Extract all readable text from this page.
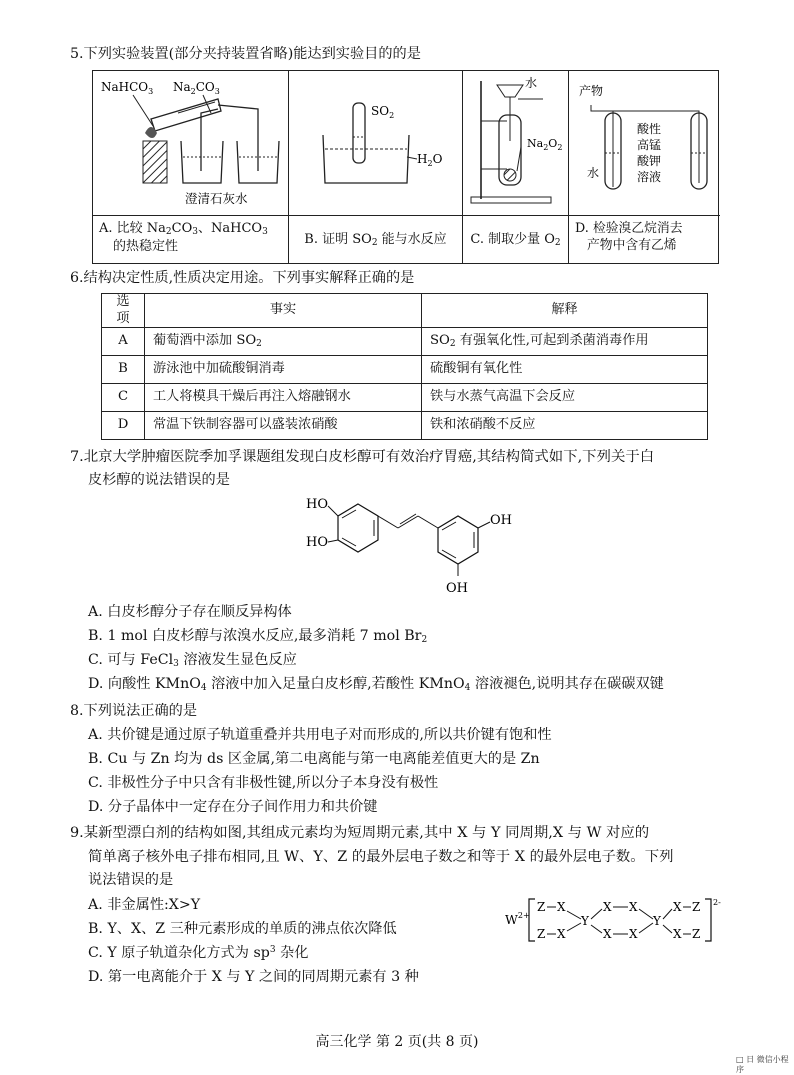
5.下列实验装置(部分夹持装置省略)能达到实验目的的是
NaHCO$_3$ $Na_2CO_3$
澄清石灰水
A. 比较 $Na_2CO_3$、NaHCO$_3$
的热稳定性
$SO_2$
$H_2O$
B. 证明 $SO_2$ 能与水反应
水
$Na_2O_2$
C. 制取少量 $O_2$
产物
水
酸性
高锰
酸钾
溶液
D. 检验溴乙烷消去
产物中含有乙烯
6.结构决定性质,性质决定用途。下列事实解释正确的是
选项	事实	解释
A	葡萄酒中添加 $SO_2$	$SO_2$ 有强氧化性,可起到杀菌消毒作用
B	游泳池中加硫酸铜消毒	硫酸铜有氧化性
C	工人将模具干燥后再注入熔融钢水	铁与水蒸气高温下会反应
D	常温下铁制容器可以盛装浓硝酸	铁和浓硝酸不反应
7.北京大学肿瘤医院季加孚课题组发现白皮杉醇可有效治疗胃癌,其结构简式如下,下列关于白
皮杉醇的说法错误的是
HO
HO
OH
OH
A. 白皮杉醇分子存在顺反异构体
B. 1 mol 白皮杉醇与浓溴水反应,最多消耗 7 mol $Br_2$
C. 可与 FeCl$_3$ 溶液发生显色反应
D. 向酸性 KMnO$_4$ 溶液中加入足量白皮杉醇,若酸性 KMnO$_4$ 溶液褪色,说明其存在碳碳双键
8.下列说法正确的是
A. 共价键是通过原子轨道重叠并共用电子对而形成的,所以共价键有饱和性
B. Cu 与 Zn 均为 ds 区金属,第二电离能与第一电离能差值更大的是 Zn
C. 非极性分子中只含有非极性键,所以分子本身没有极性
D. 分子晶体中一定存在分子间作用力和共价键
9.某新型漂白剂的结构如图,其组成元素均为短周期元素,其中 X 与 Y 同周期,X 与 W 对应的
简单离子核外电子排布相同,且 W、Y、Z 的最外层电子数之和等于 X 的最外层电子数。下列
说法错误的是
A. 非金属性:X>Y
B. Y、X、Z 三种元素形成的单质的沸点依次降低
C. Y 原子轨道杂化方式为 $sp^3$ 杂化
D. 第一电离能介于 X 与 Y 之间的同周期元素有 3 种
$W^{2+}$
2-
Z X
Z X
Y
X X
X X
Y
X
X
Z
Z
高三化学 第 2 页(共 8 页)
□ 日 微信小程序
